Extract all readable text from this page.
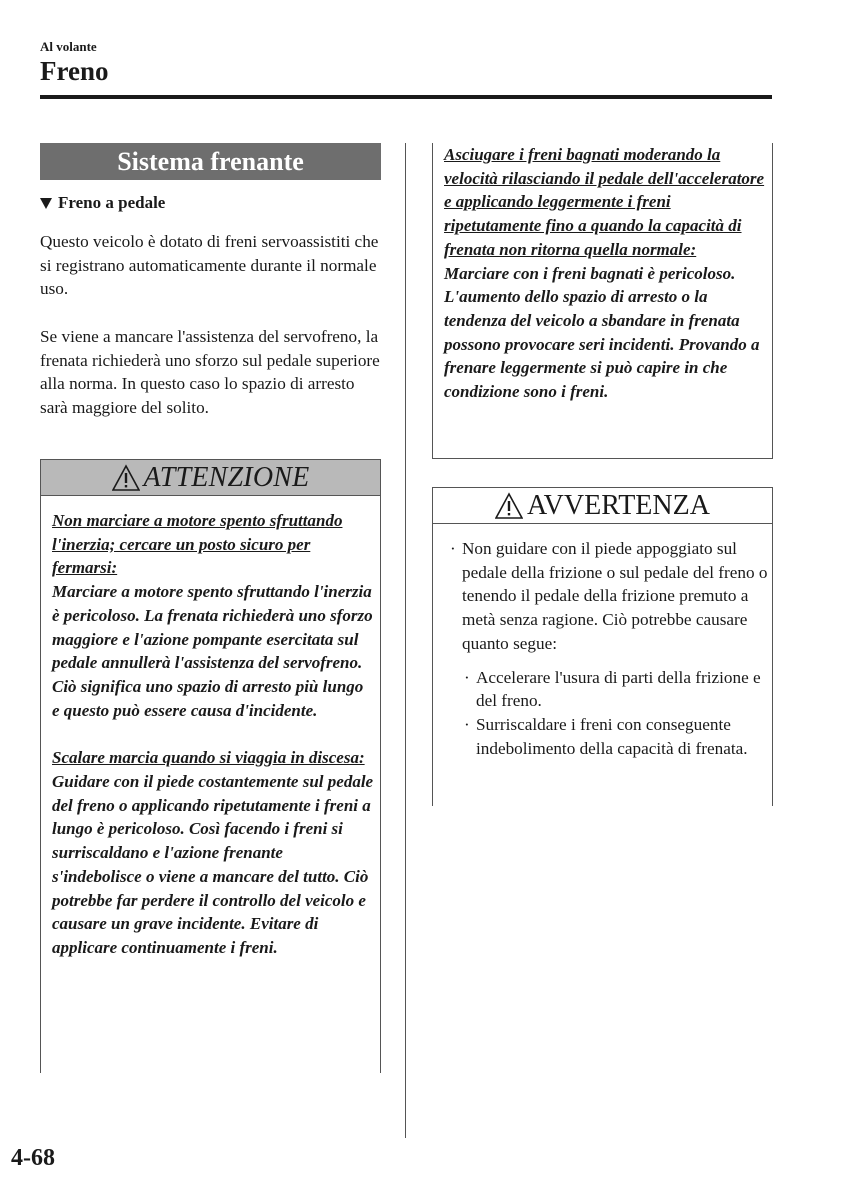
Al volante
Freno
Sistema frenante
Freno a pedale
Questo veicolo è dotato di freni servoassistiti che si registrano automaticamente durante il normale uso.
Se viene a mancare l'assistenza del servofreno, la frenata richiederà uno sforzo sul pedale superiore alla norma. In questo caso lo spazio di arresto sarà maggiore del solito.
ATTENZIONE
Non marciare a motore spento sfruttando l'inerzia; cercare un posto sicuro per fermarsi:
Marciare a motore spento sfruttando l'inerzia è pericoloso. La frenata richiederà uno sforzo maggiore e l'azione pompante esercitata sul pedale annullerà l'assistenza del servofreno. Ciò significa uno spazio di arresto più lungo e questo può essere causa d'incidente.
Scalare marcia quando si viaggia in discesa:
Guidare con il piede costantemente sul pedale del freno o applicando ripetutamente i freni a lungo è pericoloso. Così facendo i freni si surriscaldano e l'azione frenante s'indebolisce o viene a mancare del tutto. Ciò potrebbe far perdere il controllo del veicolo e causare un grave incidente. Evitare di applicare continuamente i freni.
Asciugare i freni bagnati moderando la velocità rilasciando il pedale dell'acceleratore e applicando leggermente i freni ripetutamente fino a quando la capacità di frenata non ritorna quella normale:
Marciare con i freni bagnati è pericoloso. L'aumento dello spazio di arresto o la tendenza del veicolo a sbandare in frenata possono provocare seri incidenti. Provando a frenare leggermente si può capire in che condizione sono i freni.
AVVERTENZA
· Non guidare con il piede appoggiato sul pedale della frizione o sul pedale del freno o tenendo il pedale della frizione premuto a metà senza ragione. Ciò potrebbe causare quanto segue:
· Accelerare l'usura di parti della frizione e del freno.
· Surriscaldare i freni con conseguente indebolimento della capacità di frenata.
4-68
